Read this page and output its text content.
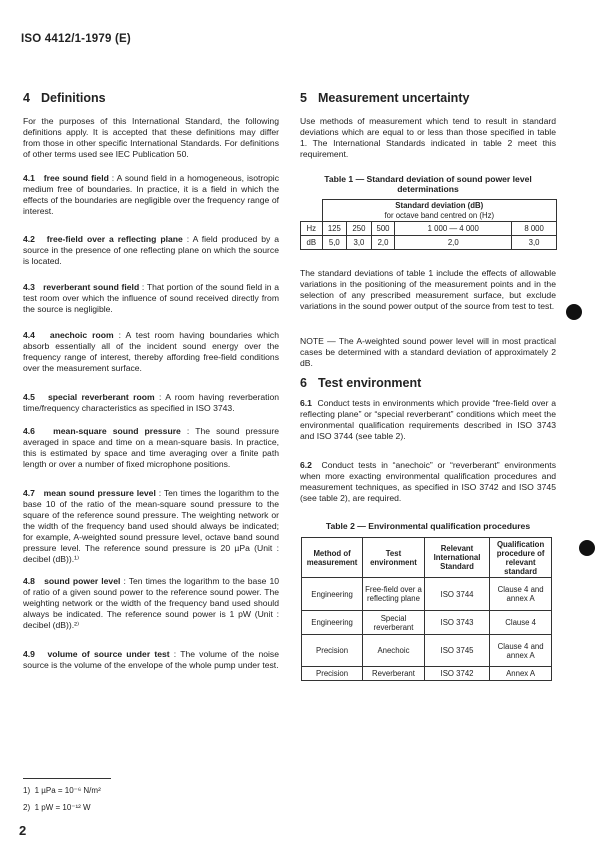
ISO 4412/1-1979 (E)
4 Definitions

For the purposes of this International Standard, the following definitions apply. It is accepted that these definitions may differ from those in other specific International Standards. For definitions of other terms used see IEC Publication 50.

4.1 free sound field : A sound field in a homogeneous, isotropic medium free of boundaries. In practice, it is a field in which the effects of the boundaries are negligible over the frequency range of interest.

4.2 free-field over a reflecting plane : A field produced by a source in the presence of one reflecting plane on which the source is located.

4.3 reverberant sound field : That portion of the sound field in a test room over which the influence of sound received directly from the source is negligible.

4.4 anechoic room : A test room having boundaries which absorb essentially all of the incident sound energy over the frequency range of interest, thereby affording free-field conditions over the measurement surface.

4.5 special reverberant room : A room having reverberation time/frequency characteristics as specified in ISO 3743.

4.6 mean-square sound pressure : The sound pressure averaged in space and time on a mean-square basis. In practice, this is estimated by space and time averaging over a finite path length or over a number of fixed microphone positions.

4.7 mean sound pressure level : Ten times the logarithm to the base 10 of the ratio of the mean-square sound pressure to the square of the reference sound pressure. The weighting network or the width of the frequency band used should always be indicated; for example, A-weighted sound pressure level, octave band sound pressure level. The reference sound pressure is 20 µPa (Unit : decibel (dB)).¹⁾

4.8 sound power level : Ten times the logarithm to the base 10 of ratio of a given sound power to the reference sound power. The weighting network or the width of the frequency band used should always be indicated. The reference sound power is 1 pW (Unit : decibel (dB)).²⁾

4.9 volume of source under test : The volume of the noise source is the volume of the envelope of the whole pump under test.

5 Measurement uncertainty

Use methods of measurement which tend to result in standard deviations which are equal to or less than those specified in table 1. The International Standards indicated in table 2 meet this requirement.

Table 1 — Standard deviation of sound power level determinations
	Standard deviation (dB)
for octave band centred on (Hz)				
Hz	125	250	500	1 000 — 4 000	8 000
dB	5,0	3,0	2,0	2,0	3,0

The standard deviations of table 1 include the effects of allowable variations in the positioning of the measurement points and in the selection of any prescribed measurement surface, but exclude variations in the sound power output of the source from test to test.

NOTE — The A-weighted sound power level will in most practical cases be determined with a standard deviation of approximately 2 dB.

6 Test environment

6.1 Conduct tests in environments which provide “free-field over a reflecting plane” or “special reverberant” conditions which meet the environmental qualification requirements described in ISO 3743 and ISO 3744 (see table 2).

6.2 Conduct tests in “anechoic” or “reverberant” environments when more exacting environmental qualification procedures and measurement techniques, as specified in ISO 3742 and ISO 3745 (see table 2), are required.

Table 2 — Environmental qualification procedures
Method of measurement	Test environment	Relevant International Standard	Qualification procedure of relevant standard
Engineering	Free-field over a reflecting plane	ISO 3744	Clause 4 and annex A
Engineering	Special reverberant	ISO 3743	Clause 4
Precision	Anechoic	ISO 3745	Clause 4 and annex A
Precision	Reverberant	ISO 3742	Annex A
1) 1 µPa = 10⁻⁶ N/m²
2) 1 pW = 10⁻¹² W
2
